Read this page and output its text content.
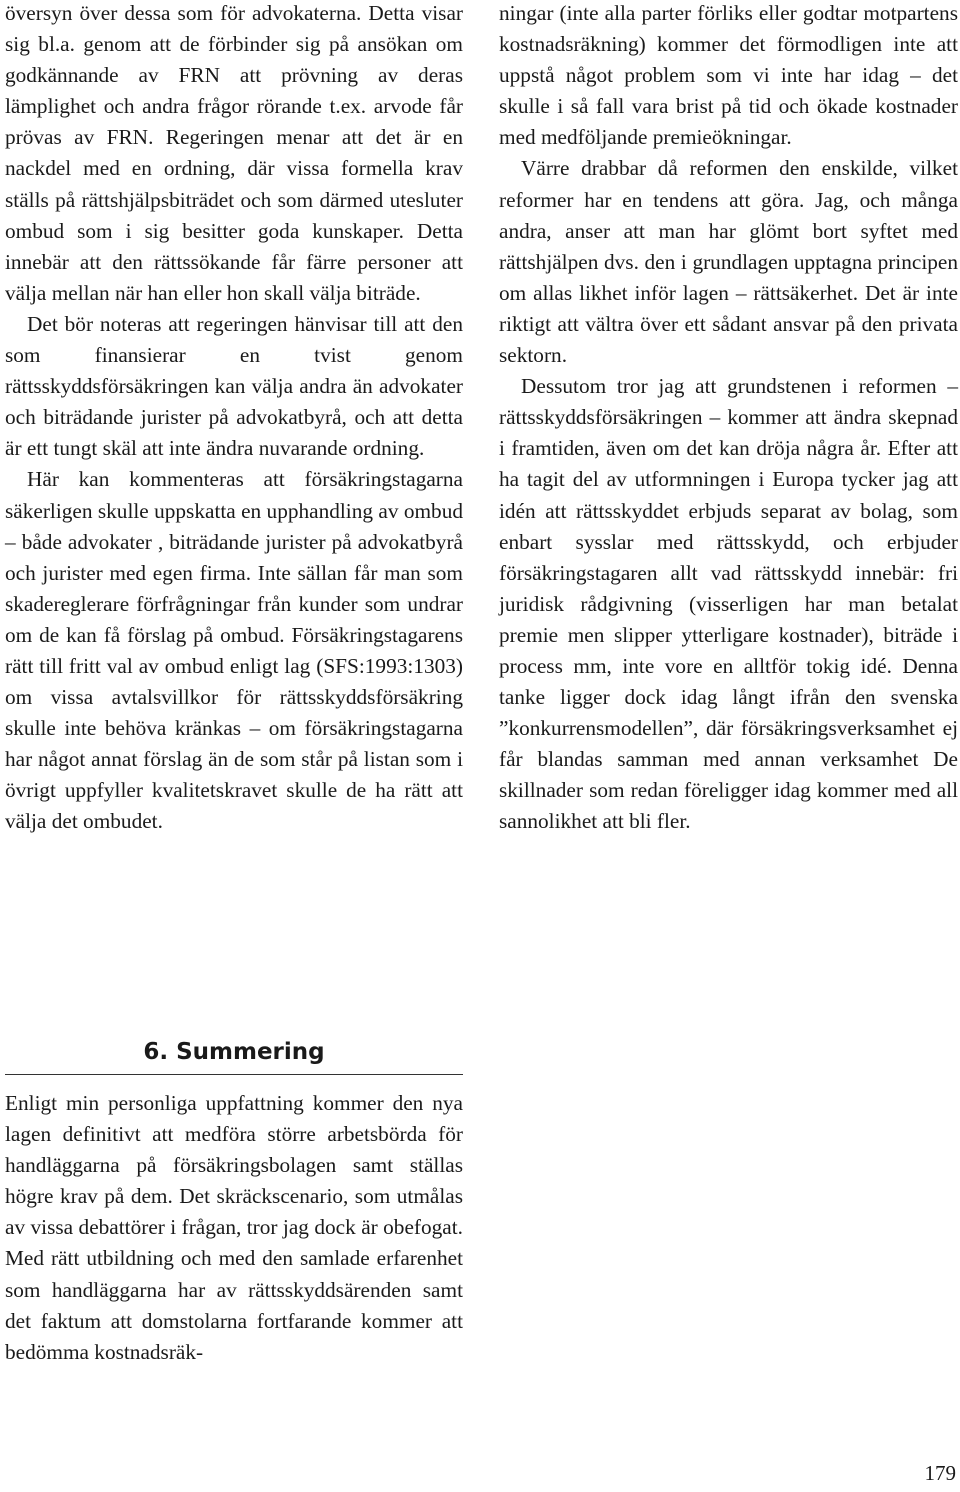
översyn över dessa som för advokaterna. Detta visar sig bl.a. genom att de förbinder sig på ansökan om godkännande av FRN att prövning av deras lämplighet och andra frågor rörande t.ex. arvode får prövas av FRN. Regeringen menar att det är en nackdel med en ordning, där vissa formella krav ställs på rättshjälpsbiträdet och som därmed utesluter ombud som i sig besitter goda kunskaper. Detta innebär att den rättssökande får färre personer att välja mellan när han eller hon skall välja biträde.

Det bör noteras att regeringen hänvisar till att den som finansierar en tvist genom rättsskyddsförsäkringen kan välja andra än advokater och biträdande jurister på advokatbyrå, och att detta är ett tungt skäl att inte ändra nuvarande ordning.

Här kan kommenteras att försäkringstagarna säkerligen skulle uppskatta en upphandling av ombud – både advokater , biträdande jurister på advokatbyrå och jurister med egen firma. Inte sällan får man som skadereglerare förfrågningar från kunder som undrar om de kan få förslag på ombud. Försäkringstagarens rätt till fritt val av ombud enligt lag (SFS:1993:1303) om vissa avtalsvillkor för rättsskyddsförsäkring skulle inte behöva kränkas – om försäkringstagarna har något annat förslag än de som står på listan som i övrigt uppfyller kvalitetskravet skulle de ha rätt att välja det ombudet.

ningar (inte alla parter förliks eller godtar motpartens kostnadsräkning) kommer det förmodligen inte att uppstå något problem som vi inte har idag – det skulle i så fall vara brist på tid och ökade kostnader med medföljande premieökningar.

Värre drabbar då reformen den enskilde, vilket reformer har en tendens att göra. Jag, och många andra, anser att man har glömt bort syftet med rättshjälpen dvs. den i grundlagen upptagna principen om allas likhet inför lagen – rättsäkerhet. Det är inte riktigt att vältra över ett sådant ansvar på den privata sektorn.

Dessutom tror jag att grundstenen i reformen – rättsskyddsförsäkringen – kommer att ändra skepnad i framtiden, även om det kan dröja några år. Efter att ha tagit del av utformningen i Europa tycker jag att idén att rättsskyddet erbjuds separat av bolag, som enbart sysslar med rättsskydd, och erbjuder försäkringstagaren allt vad rättsskydd innebär: fri juridisk rådgivning (visserligen har man betalat premie men slipper ytterligare kostnader), biträde i process mm, inte vore en alltför tokig idé. Denna tanke ligger dock idag långt ifrån den svenska ”konkurrensmodellen”, där försäkringsverksamhet ej får blandas samman med annan verksamhet De skillnader som redan föreligger idag kommer med all sannolikhet att bli fler.

6. Summering

Enligt min personliga uppfattning kommer den nya lagen definitivt att medföra större arbetsbörda för handläggarna på försäkringsbolagen samt ställas högre krav på dem. Det skräckscenario, som utmålas av vissa debattörer i frågan, tror jag dock är obefogat. Med rätt utbildning och med den samlade erfarenhet som handläggarna har av rättsskyddsärenden samt det faktum att domstolarna fortfarande kommer att bedömma kostnadsräk-

179
